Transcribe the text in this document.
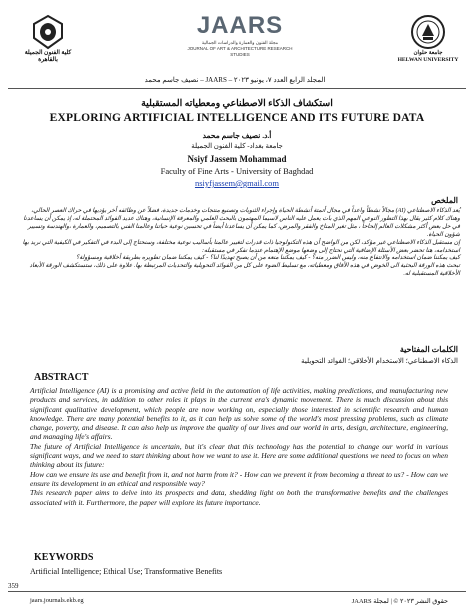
كلية الفنون الجميلة
بالقاهرة
JAARS
مجلة الفنون والعمارة والدراسات الجمالية
JOURNAL OF ART & ARCHITECTURE RESEARCH STUDIES	جامعة حلوان
HELWAN UNIVERSITY
المجلد الرابع العدد ٧، يونيو ٢٠٢٣ – JAARS – نصيف جاسم محمد
استكشاف الذكاء الاصطناعي ومعطياته المستقبلية
EXPLORING ARTIFICIAL INTELLIGENCE AND ITS FUTURE DATA
أ.د. نصيف جاسم محمد
جامعة بغداد- كلية الفنون الجميلة
Nsiyf Jassem Mohammad
Faculty of Fine Arts - University of Baghdad
nsiyfjassem@gmail.com
الملخص
يُعد الذكاء الاصطناعي (AI) مجالاً نشطاً واعداً في مجال أتمتة أنشطة الحياة وإجراء الثنويات وتصنيع منتجات وخدمات جديدة، فضلاً عن وظائفه أخر يؤديها في حراك العصر الحالي، وهناك كلام كثير يقال بهذا التطور النوعي المهم الذي بات يعمل عليه الناس لاسيما المهتمون بالبحث العلمي والمعرفة الإنسانية، وهناك عديد الفوائد المحتملة له، إذ يمكن أن يساعدنا في حل بعض أكثر مشكلات العالم إلحاحاً ، مثل تغير المناخ والفقر والمرض، كما يمكن أن يساعدنا أيضاً في تحسين نوعية حياتنا وعالمنا الفني بالتصميم، والعمارة ،والهندسة وتسيير شؤون الحياة.
إن مستقبل الذكاء الاصطناعي غير مؤكد، لكن من الواضح أن هذه التكنولوجيا ذات قدرات لتغيير عالمنا بأساليب نوعية مختلفة، وسنحتاج إلى البدء في التفكير في الكيفية التي نريد بها استخدامه، هنا تحضر بعض الأسئلة الإضافية التي نحتاج إلى وضعها موضع الإهتمام عندما نفكر في مستقبله:
كيف يمكننا ضمان استخدامه والانتفاع منه، وليس الضرر منه؟ - كيف يمكننا منعه من أن يصبح تهديدًا لنا؟ - كيف يمكننا ضمان تطويره بطريقة أخلاقية ومسؤولة؟
تبحث هذه الورقة البحثية الى الخوض في هذه الأفاق ومعطياته، مع تسليط الضوء على كل من الفوائد التحويلية والتحديات المرتبطة بها. علاوة على ذلك، ستستكشف الورقة الأبعاد الأخلاقية المستقبلية له.
الكلمات المفتاحية
الذكاء الاصطناعي؛ الاستخدام الأخلاقي؛ الفوائد التحويلية
ABSTRACT
Artificial Intelligence (AI) is a promising and active field in the automation of life activities, making predictions, and manufacturing new products and services, in addition to other roles it plays in the current era's dynamic movement. There is much discussion about this significant qualitative development, which people are now working on, especially those interested in scientific research and human knowledge. There are many potential benefits to it, as it can help us solve some of the world's most pressing problems, such as climate change, poverty, and disease. It can also help us improve the quality of our lives and our world in arts, design, architecture, engineering, and managing life's affairs.
The future of Artificial Intelligence is uncertain, but it's clear that this technology has the potential to change our world in various significant ways, and we need to start thinking about how we want to use it. Here are some additional questions we need to focus on when thinking about its future:
How can we ensure its use and benefit from it, and not harm from it? - How can we prevent it from becoming a threat to us? - How can we ensure its development in an ethical and responsible way?
This research paper aims to delve into its prospects and data, shedding light on both the transformative benefits and the challenges associated with it. Furthermore, the paper will explore its future importance.
KEYWORDS
Artificial Intelligence; Ethical Use; Transformative Benefits
359
jaars.journals.ekb.eg	حقوق النشر ٢٠٢٣ © | لمجلة JAARS
